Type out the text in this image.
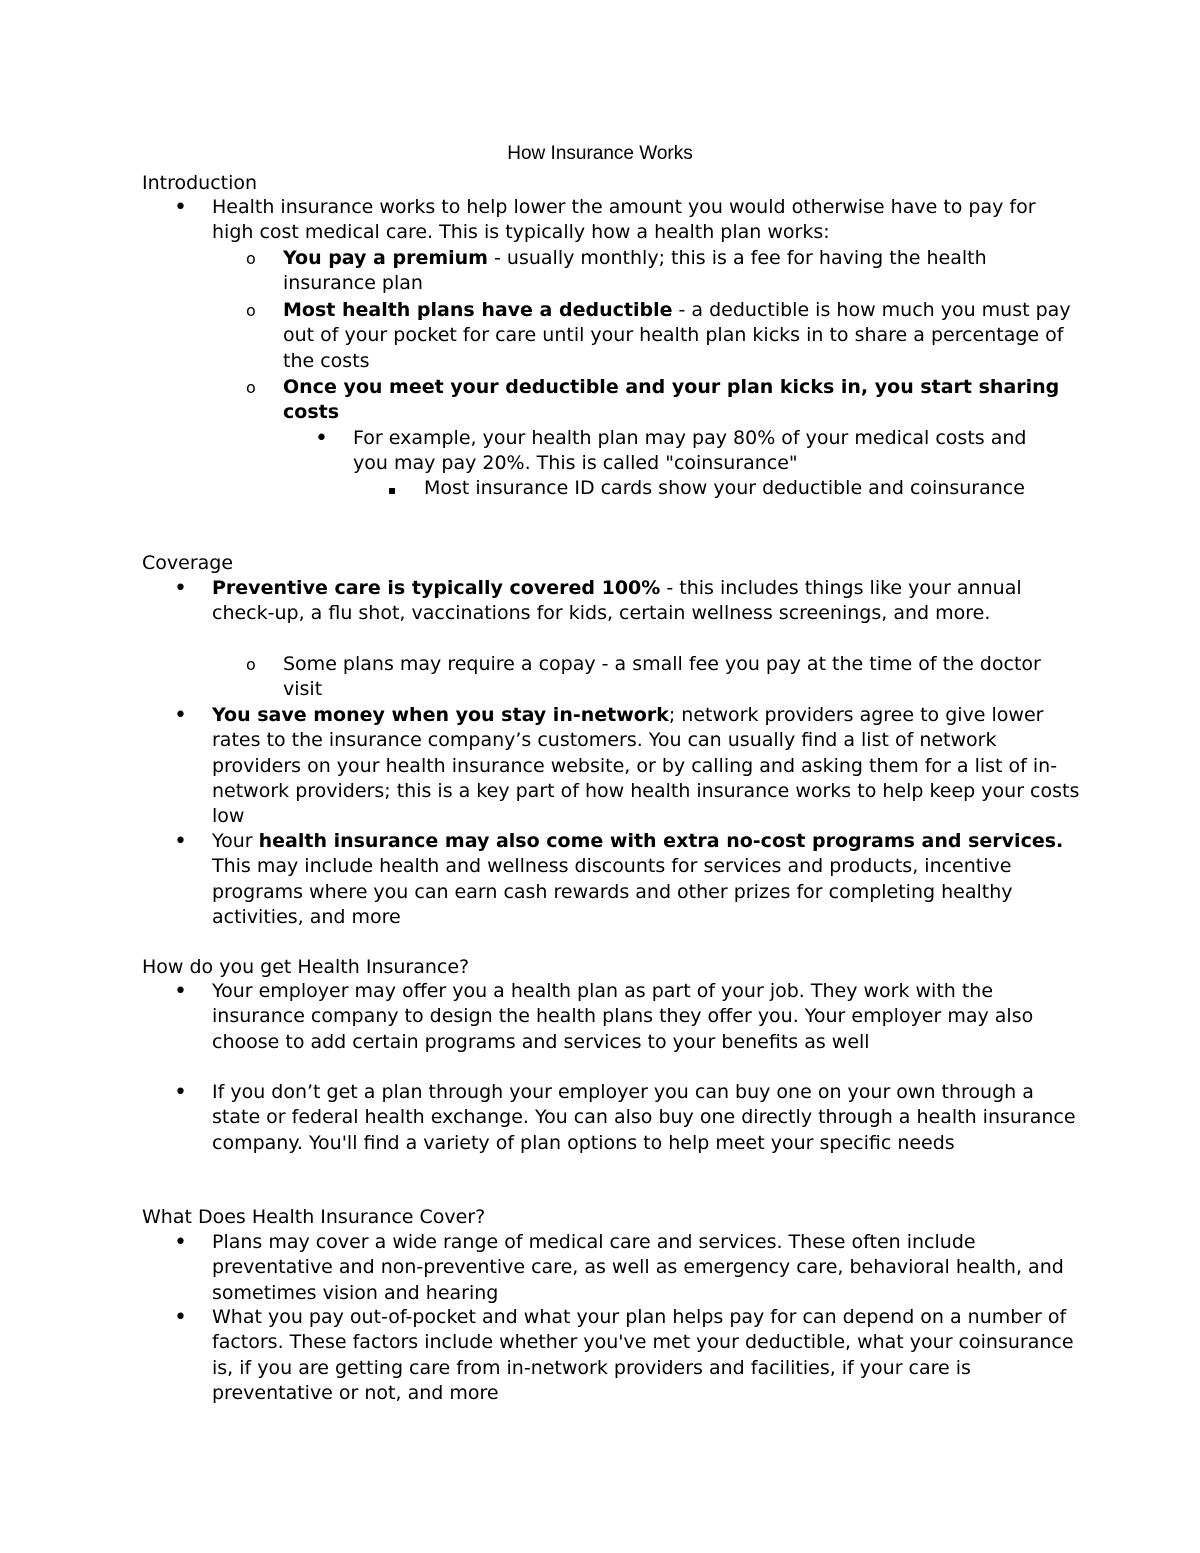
How Insurance Works
Introduction
• Health insurance works to help lower the amount you would otherwise have to pay for high cost medical care. This is typically how a health plan works:
o You pay a premium - usually monthly; this is a fee for having the health insurance plan
o Most health plans have a deductible - a deductible is how much you must pay out of your pocket for care until your health plan kicks in to share a percentage of the costs
o Once you meet your deductible and your plan kicks in, you start sharing costs
• For example, your health plan may pay 80% of your medical costs and you may pay 20%. This is called "coinsurance"
▪ Most insurance ID cards show your deductible and coinsurance
Coverage
• Preventive care is typically covered 100% - this includes things like your annual check-up, a flu shot, vaccinations for kids, certain wellness screenings, and more.
o Some plans may require a copay - a small fee you pay at the time of the doctor visit
• You save money when you stay in-network; network providers agree to give lower rates to the insurance company’s customers. You can usually find a list of network providers on your health insurance website, or by calling and asking them for a list of in-network providers; this is a key part of how health insurance works to help keep your costs low
• Your health insurance may also come with extra no-cost programs and services. This may include health and wellness discounts for services and products, incentive programs where you can earn cash rewards and other prizes for completing healthy activities, and more
How do you get Health Insurance?
• Your employer may offer you a health plan as part of your job. They work with the insurance company to design the health plans they offer you. Your employer may also choose to add certain programs and services to your benefits as well
• If you don’t get a plan through your employer you can buy one on your own through a state or federal health exchange. You can also buy one directly through a health insurance company. You'll find a variety of plan options to help meet your specific needs
What Does Health Insurance Cover?
• Plans may cover a wide range of medical care and services. These often include preventative and non-preventive care, as well as emergency care, behavioral health, and sometimes vision and hearing
• What you pay out-of-pocket and what your plan helps pay for can depend on a number of factors. These factors include whether you've met your deductible, what your coinsurance is, if you are getting care from in-network providers and facilities, if your care is preventative or not, and more
